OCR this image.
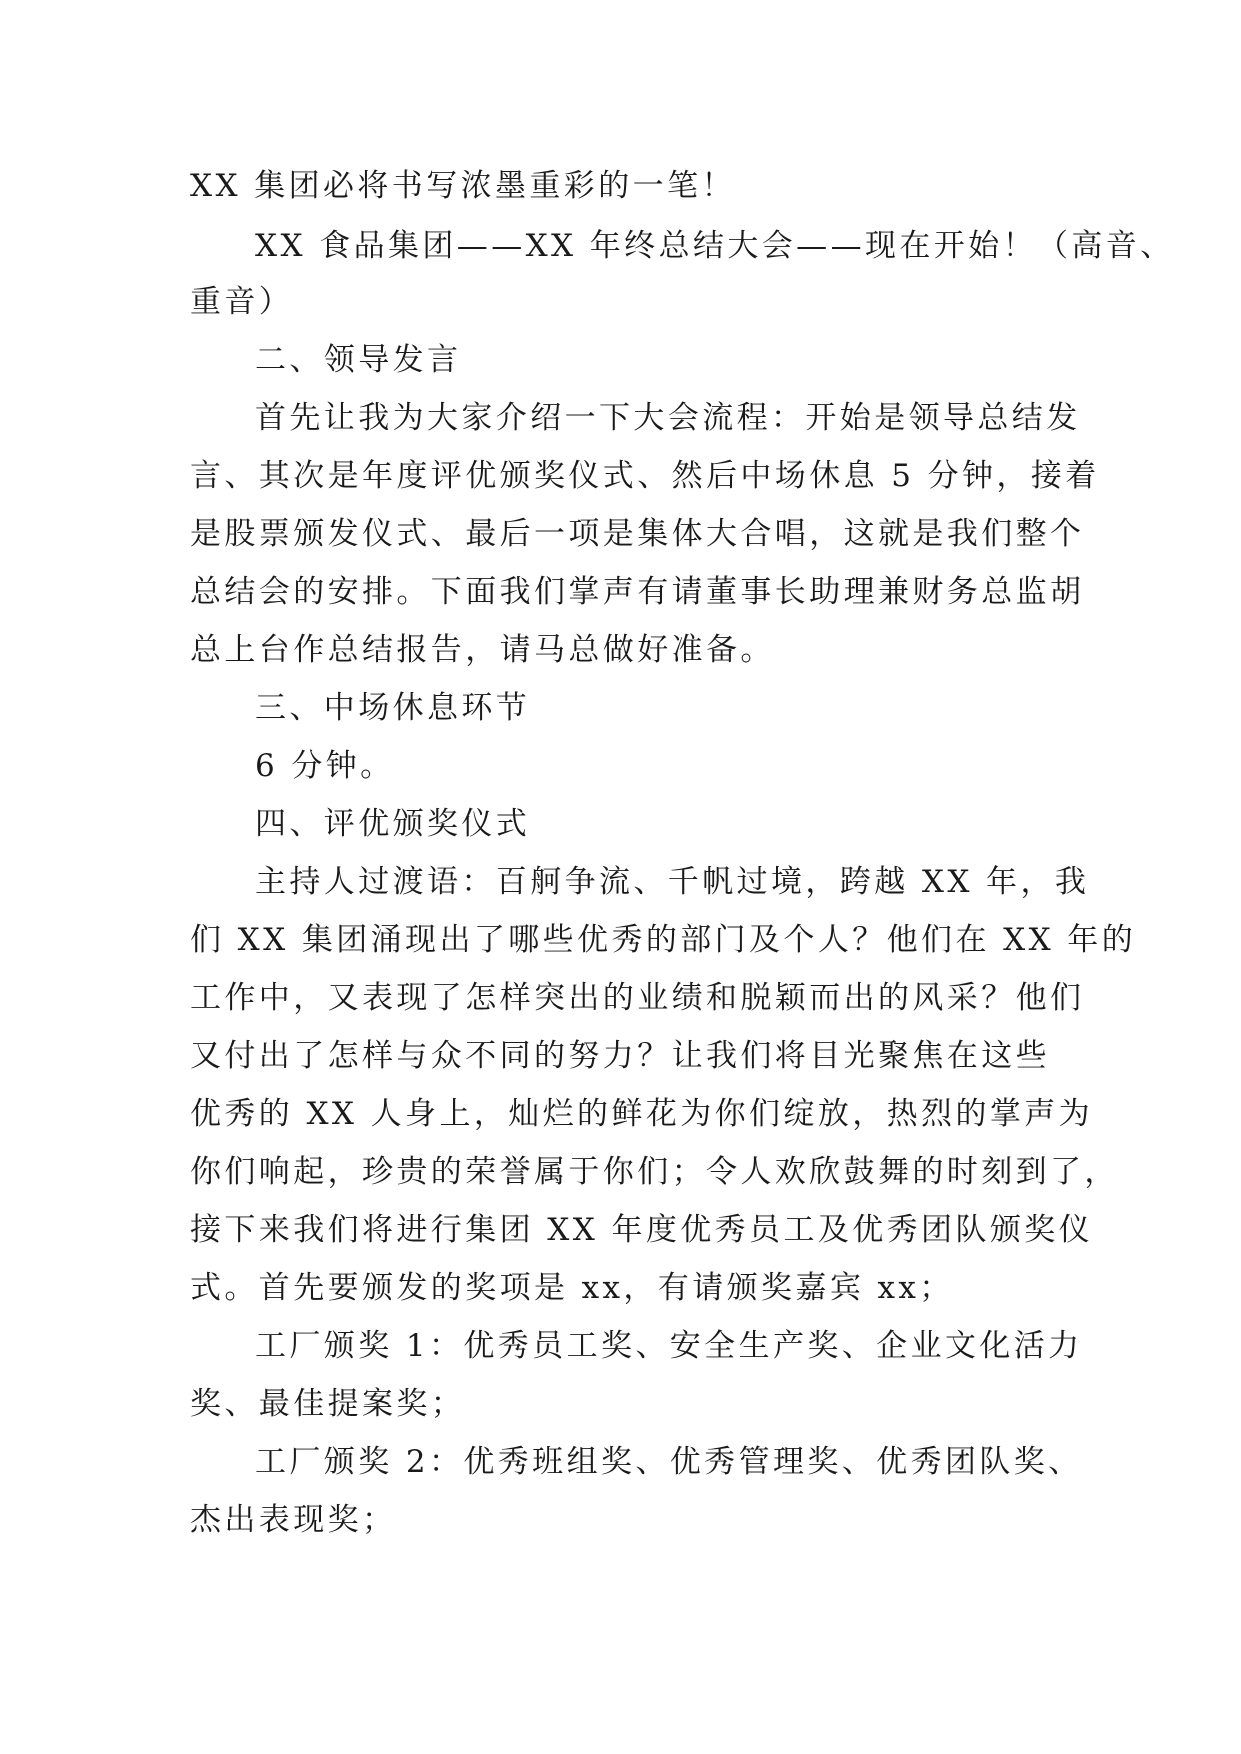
XX 集团必将书写浓墨重彩的一笔！
XX 食品集团——XX 年终总结大会——现在开始！（高音、
重音）
二、领导发言
首先让我为大家介绍一下大会流程：开始是领导总结发
言、其次是年度评优颁奖仪式、然后中场休息 5 分钟，接着
是股票颁发仪式、最后一项是集体大合唱，这就是我们整个
总结会的安排。下面我们掌声有请董事长助理兼财务总监胡
总上台作总结报告，请马总做好准备。
三、中场休息环节
6 分钟。
四、评优颁奖仪式
主持人过渡语：百舸争流、千帆过境，跨越 XX 年，我
们 XX 集团涌现出了哪些优秀的部门及个人？他们在 XX 年的
工作中，又表现了怎样突出的业绩和脱颖而出的风采？他们
又付出了怎样与众不同的努力？让我们将目光聚焦在这些
优秀的 XX 人身上，灿烂的鲜花为你们绽放，热烈的掌声为
你们响起，珍贵的荣誉属于你们；令人欢欣鼓舞的时刻到了，
接下来我们将进行集团 XX 年度优秀员工及优秀团队颁奖仪
式。首先要颁发的奖项是 xx，有请颁奖嘉宾 xx；
工厂颁奖 1：优秀员工奖、安全生产奖、企业文化活力
奖、最佳提案奖；
工厂颁奖 2：优秀班组奖、优秀管理奖、优秀团队奖、
杰出表现奖；
